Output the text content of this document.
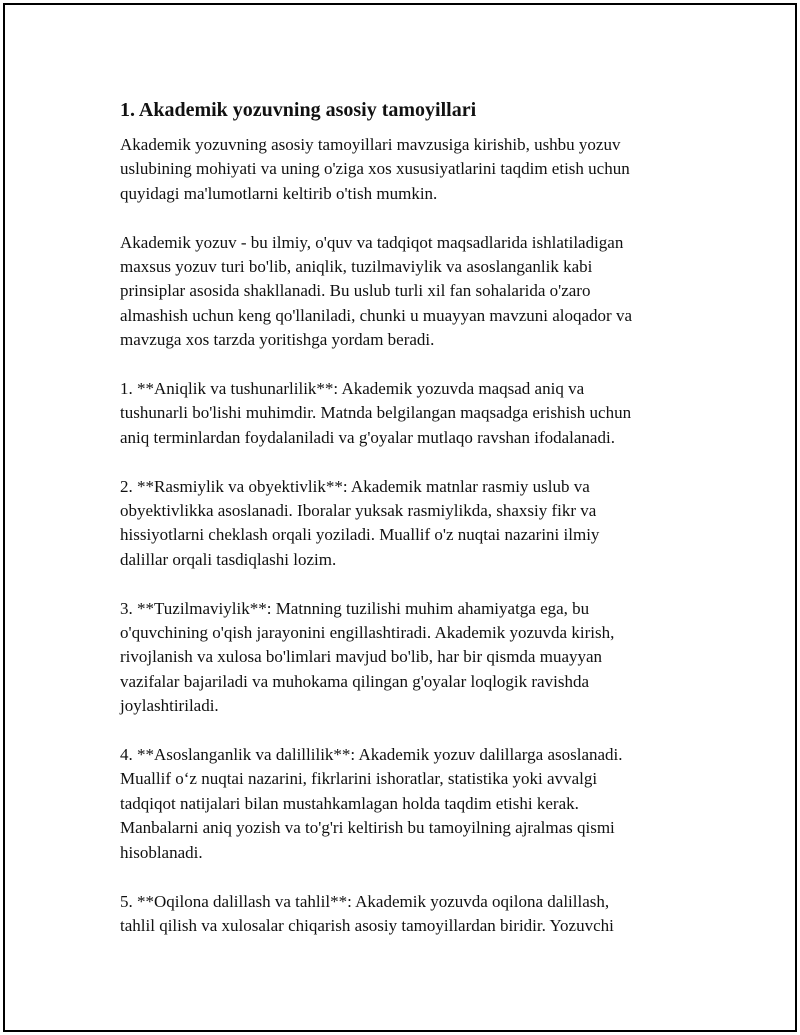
1. Akademik yozuvning asosiy tamoyillari
Akademik yozuvning asosiy tamoyillari mavzusiga kirishib, ushbu yozuv
uslubining mohiyati va uning o'ziga xos xususiyatlarini taqdim etish uchun
quyidagi ma'lumotlarni keltirib o'tish mumkin.
Akademik yozuv - bu ilmiy, o'quv va tadqiqot maqsadlarida ishlatiladigan
maxsus yozuv turi bo'lib, aniqlik, tuzilmaviylik va asoslanganlik kabi
prinsiplar asosida shakllanadi. Bu uslub turli xil fan sohalarida o'zaro
almashish uchun keng qo'llaniladi, chunki u muayyan mavzuni aloqador va
mavzuga xos tarzda yoritishga yordam beradi.
1. **Aniqlik va tushunarlilik**: Akademik yozuvda maqsad aniq va
tushunarli bo'lishi muhimdir. Matnda belgilangan maqsadga erishish uchun
aniq terminlardan foydalaniladi va g'oyalar mutlaqo ravshan ifodalanadi.
2. **Rasmiylik va obyektivlik**: Akademik matnlar rasmiy uslub va
obyektivlikka asoslanadi. Iboralar yuksak rasmiylikda, shaxsiy fikr va
hissiyotlarni cheklash orqali yoziladi. Muallif o'z nuqtai nazarini ilmiy
dalillar orqali tasdiqlashi lozim.
3. **Tuzilmaviylik**: Matnning tuzilishi muhim ahamiyatga ega, bu
o'quvchining o'qish jarayonini engillashtiradi. Akademik yozuvda kirish,
rivojlanish va xulosa bo'limlari mavjud bo'lib, har bir qismda muayyan
vazifalar bajariladi va muhokama qilingan g'oyalar loqlogik ravishda
joylashtiriladi.
4. **Asoslanganlik va dalillilik**: Akademik yozuv dalillarga asoslanadi.
Muallif o‘z nuqtai nazarini, fikrlarini ishoratlar, statistika yoki avvalgi
tadqiqot natijalari bilan mustahkamlagan holda taqdim etishi kerak.
Manbalarni aniq yozish va to'g'ri keltirish bu tamoyilning ajralmas qismi
hisoblanadi.
5. **Oqilona dalillash va tahlil**: Akademik yozuvda oqilona dalillash,
tahlil qilish va xulosalar chiqarish asosiy tamoyillardan biridir. Yozuvchi
